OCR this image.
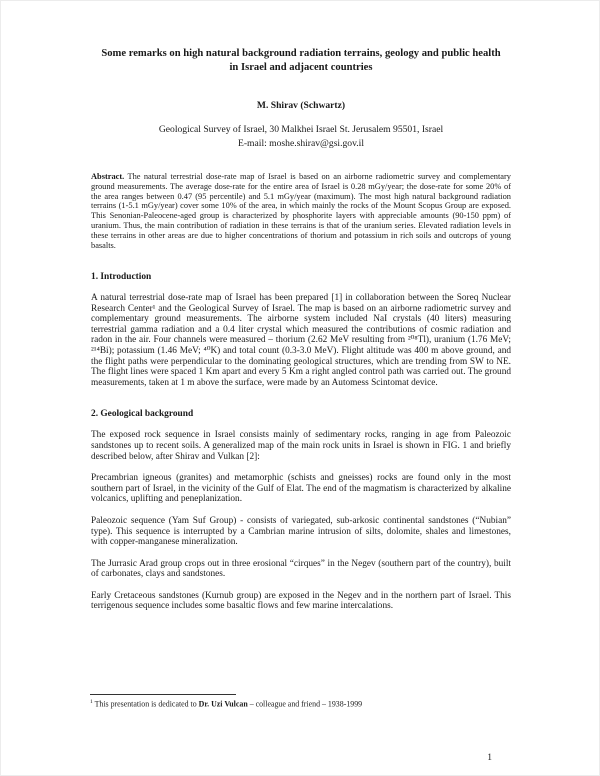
Some remarks on high natural background radiation terrains, geology and public health
in Israel and adjacent countries
M. Shirav (Schwartz)
Geological Survey of Israel, 30 Malkhei Israel St. Jerusalem 95501, Israel
E-mail: moshe.shirav@gsi.gov.il

Abstract. The natural terrestrial dose-rate map of Israel is based on an airborne radiometric survey and complementary ground measurements. The average dose-rate for the entire area of Israel is 0.28 mGy/year; the dose-rate for some 20% of the area ranges between 0.47 (95 percentile) and 5.1 mGy/year (maximum). The most high natural background radiation terrains (1-5.1 mGy/year) cover some 10% of the area, in which mainly the rocks of the Mount Scopus Group are exposed. This Senonian-Paleocene-aged group is characterized by phosphorite layers with appreciable amounts (90-150 ppm) of uranium. Thus, the main contribution of radiation in these terrains is that of the uranium series. Elevated radiation levels in these terrains in other areas are due to higher concentrations of thorium and potassium in rich soils and outcrops of young basalts.

1. Introduction

A natural terrestrial dose-rate map of Israel has been prepared [1] in collaboration between the Soreq Nuclear Research Center¹ and the Geological Survey of Israel. The map is based on an airborne radiometric survey and complementary ground measurements. The airborne system included NaI crystals (40 liters) measuring terrestrial gamma radiation and a 0.4 liter crystal which measured the contributions of cosmic radiation and radon in the air. Four channels were measured – thorium (2.62 MeV resulting from ²⁰⁸Tl), uranium (1.76 MeV; ²¹⁴Bi); potassium (1.46 MeV; ⁴⁰K) and total count (0.3-3.0 MeV). Flight altitude was 400 m above ground, and the flight paths were perpendicular to the dominating geological structures, which are trending from SW to NE. The flight lines were spaced 1 Km apart and every 5 Km a right angled control path was carried out. The ground measurements, taken at 1 m above the surface, were made by an Automess Scintomat device.

2. Geological background

The exposed rock sequence in Israel consists mainly of sedimentary rocks, ranging in age from Paleozoic sandstones up to recent soils. A generalized map of the main rock units in Israel is shown in FIG. 1 and briefly described below, after Shirav and Vulkan [2]:

Precambrian igneous (granites) and metamorphic (schists and gneisses) rocks are found only in the most southern part of Israel, in the vicinity of the Gulf of Elat. The end of the magmatism is characterized by alkaline volcanics, uplifting and peneplanization.

Paleozoic sequence (Yam Suf Group) - consists of variegated, sub-arkosic continental sandstones (“Nubian” type). This sequence is interrupted by a Cambrian marine intrusion of silts, dolomite, shales and limestones, with copper-manganese mineralization.

The Jurrasic Arad group crops out in three erosional “cirques” in the Negev (southern part of the country), built of carbonates, clays and sandstones.

Early Cretaceous sandstones (Kurnub group) are exposed in the Negev and in the northern part of Israel. This terrigenous sequence includes some basaltic flows and few marine intercalations.

$^1$ This presentation is dedicated to Dr. Uzi Vulcan – colleague and friend – 1938-1999
1
